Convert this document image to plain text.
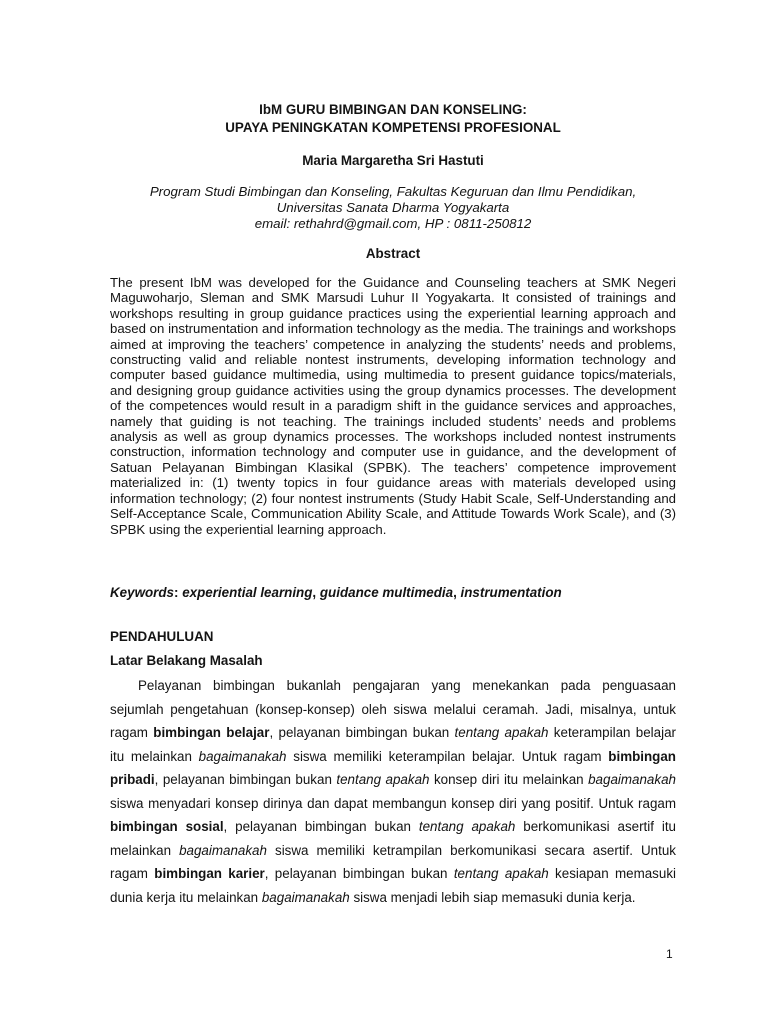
IbM GURU BIMBINGAN DAN KONSELING:
UPAYA PENINGKATAN KOMPETENSI PROFESIONAL

Maria Margaretha Sri Hastuti

Program Studi Bimbingan dan Konseling, Fakultas Keguruan dan Ilmu Pendidikan,
Universitas Sanata Dharma Yogyakarta
email: rethahrd@gmail.com, HP : 0811-250812

Abstract

The present IbM was developed for the Guidance and Counseling teachers at SMK Negeri Maguwoharjo, Sleman and SMK Marsudi Luhur II Yogyakarta. It consisted of trainings and workshops resulting in group guidance practices using the experiential learning approach and based on instrumentation and information technology as the media. The trainings and workshops aimed at improving the teachers’ competence in analyzing the students’ needs and problems, constructing valid and reliable nontest instruments, developing information technology and computer based guidance multimedia, using multimedia to present guidance topics/materials, and designing group guidance activities using the group dynamics processes. The development of the competences would result in a paradigm shift in the guidance services and approaches, namely that guiding is not teaching. The trainings included students’ needs and problems analysis as well as group dynamics processes. The workshops included nontest instruments construction, information technology and computer use in guidance, and the development of Satuan Pelayanan Bimbingan Klasikal (SPBK). The teachers’ competence improvement materialized in: (1) twenty topics in four guidance areas with materials developed using information technology; (2) four nontest instruments (Study Habit Scale, Self-Understanding and Self-Acceptance Scale, Communication Ability Scale, and Attitude Towards Work Scale), and (3) SPBK using the experiential learning approach.

Keywords: experiential learning, guidance multimedia, instrumentation

PENDAHULUAN
Latar Belakang Masalah

Pelayanan bimbingan bukanlah pengajaran yang menekankan pada penguasaan sejumlah pengetahuan (konsep-konsep) oleh siswa melalui ceramah. Jadi, misalnya, untuk ragam bimbingan belajar, pelayanan bimbingan bukan tentang apakah keterampilan belajar itu melainkan bagaimanakah siswa memiliki keterampilan belajar. Untuk ragam bimbingan pribadi, pelayanan bimbingan bukan tentang apakah konsep diri itu melainkan bagaimanakah siswa menyadari konsep dirinya dan dapat membangun konsep diri yang positif. Untuk ragam bimbingan sosial, pelayanan bimbingan bukan tentang apakah berkomunikasi asertif itu melainkan bagaimanakah siswa memiliki ketrampilan berkomunikasi secara asertif. Untuk ragam bimbingan karier, pelayanan bimbingan bukan tentang apakah kesiapan memasuki dunia kerja itu melainkan bagaimanakah siswa menjadi lebih siap memasuki dunia kerja.

1
